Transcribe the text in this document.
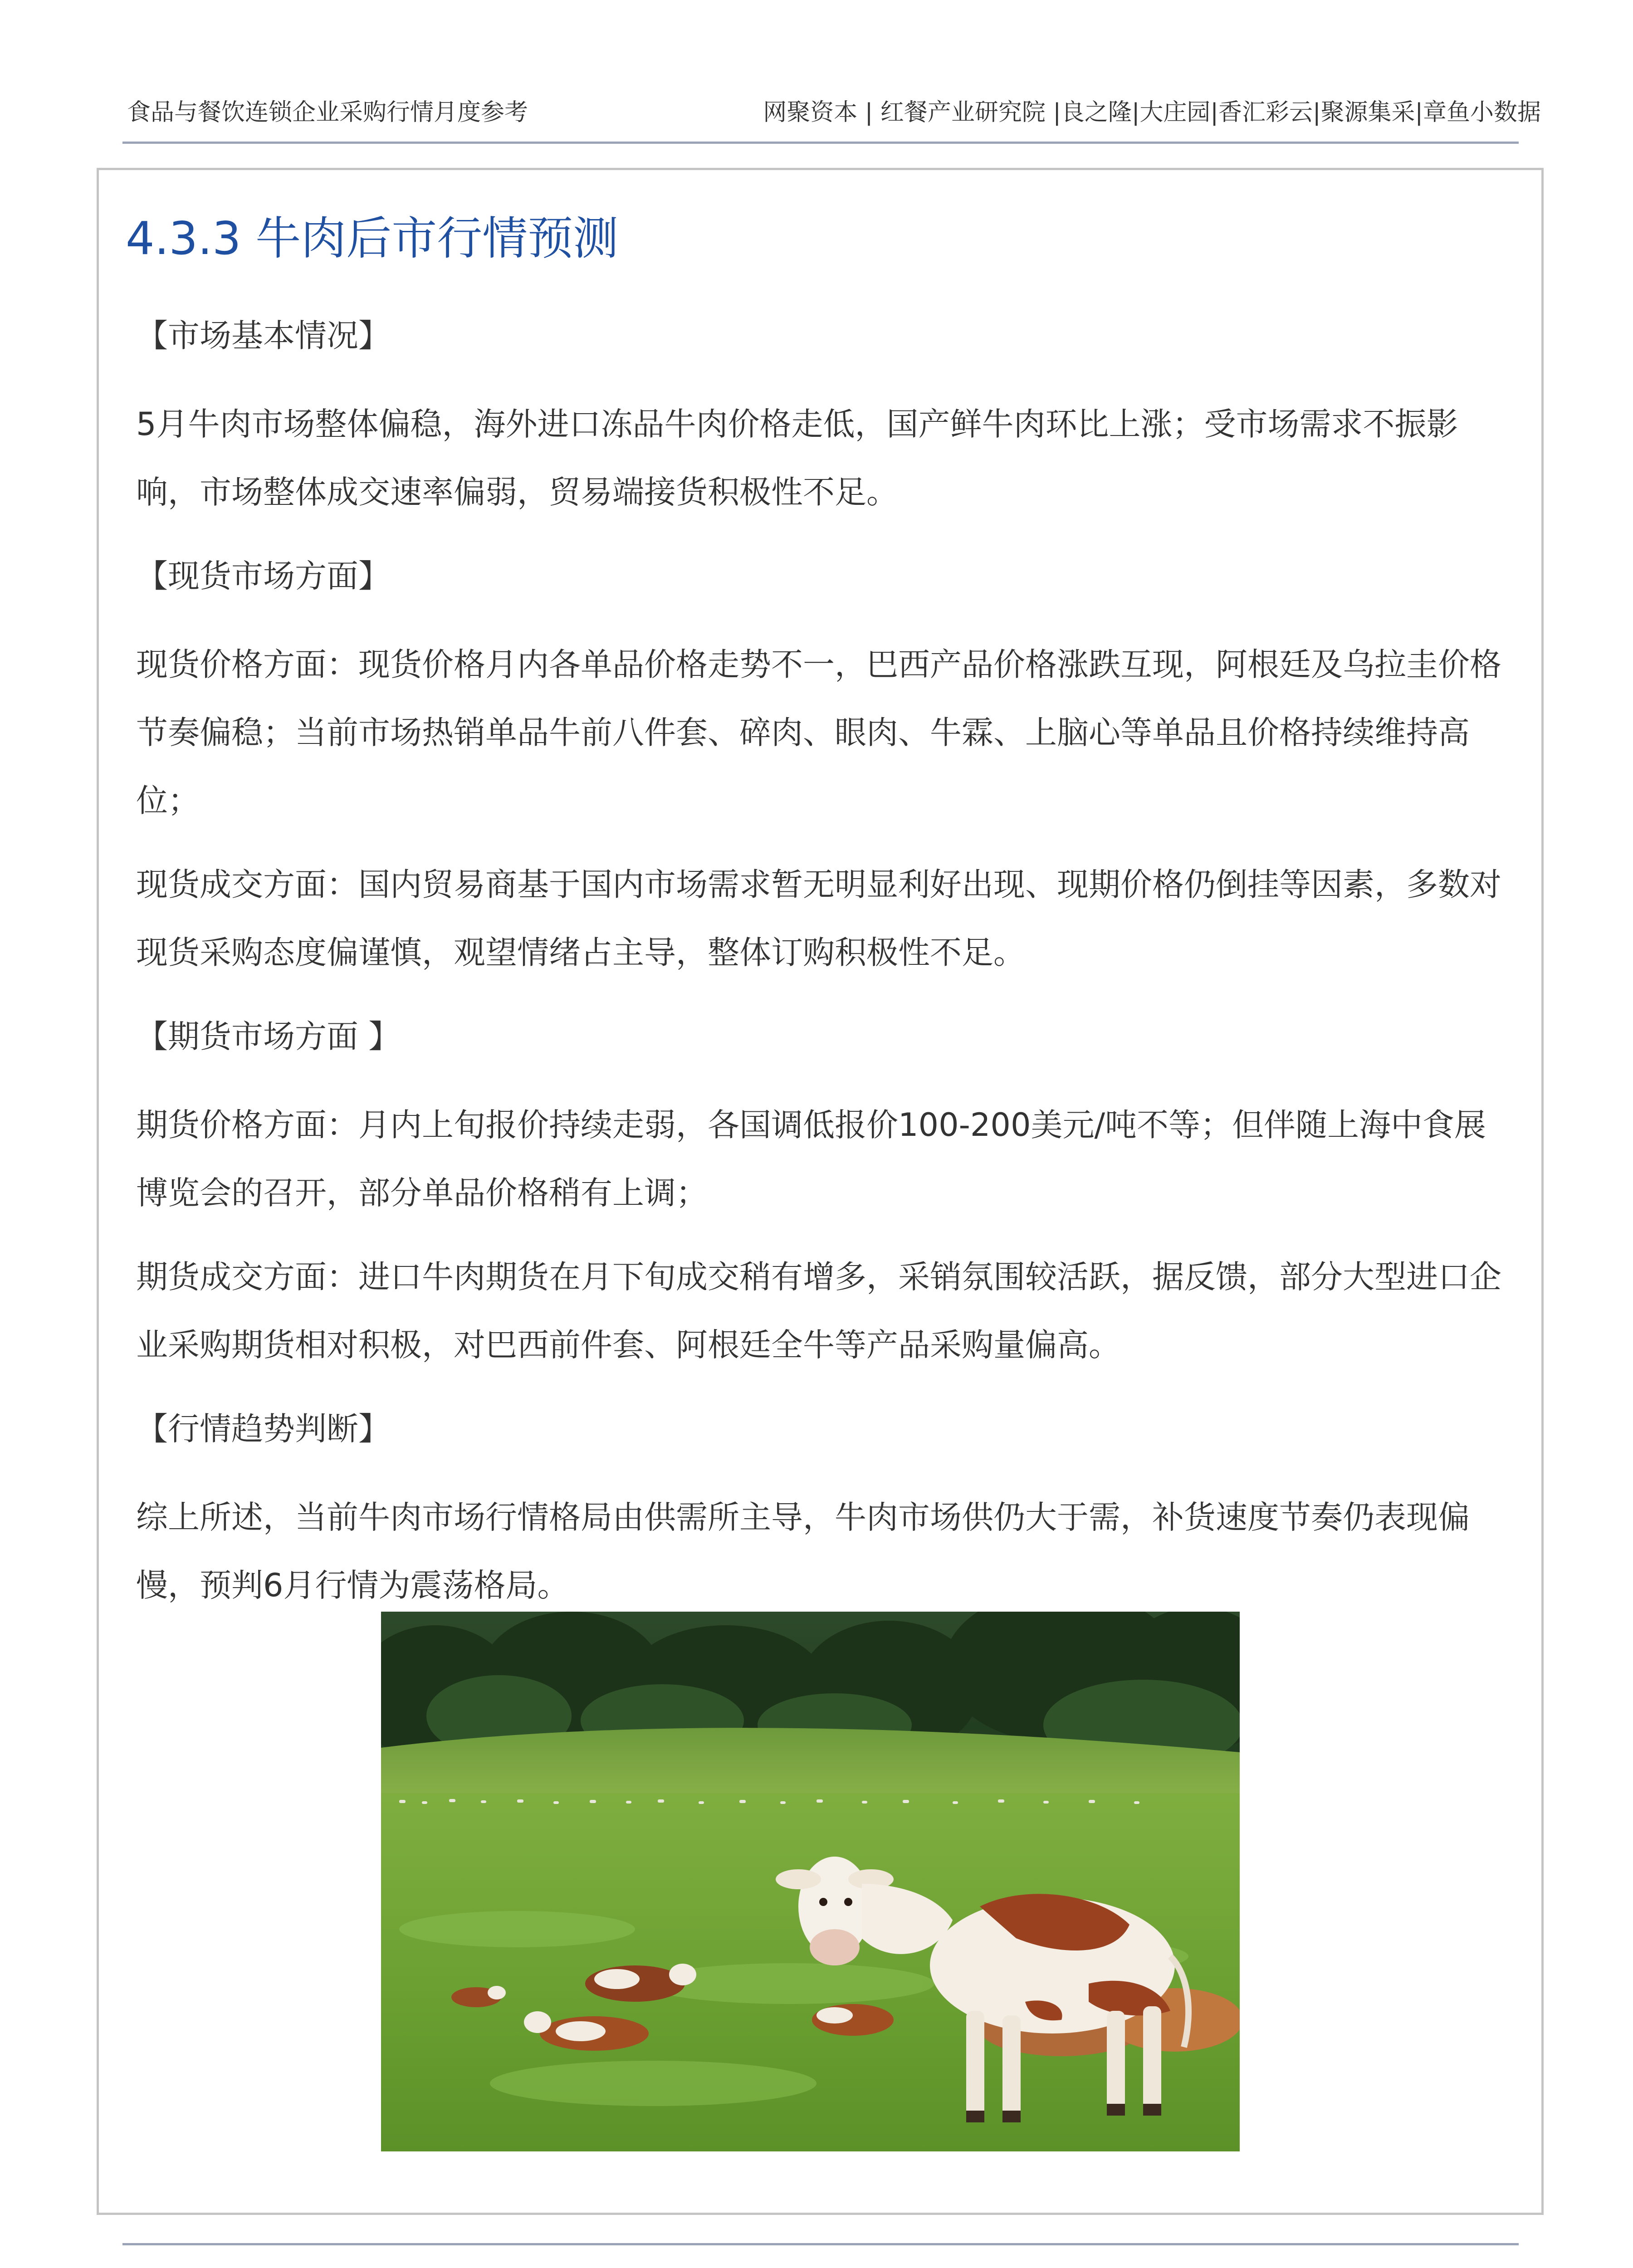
食品与餐饮连锁企业采购行情月度参考	网聚资本 | 红餐产业研究院 |良之隆|大庄园|香汇彩云|聚源集采|章鱼小数据
4.3.3 牛肉后市行情预测
【市场基本情况】

5月牛肉市场整体偏稳，海外进口冻品牛肉价格走低，国产鲜牛肉环比上涨；受市场需求不振影响，市场整体成交速率偏弱，贸易端接货积极性不足。

【现货市场方面】

现货价格方面：现货价格月内各单品价格走势不一，巴西产品价格涨跌互现，阿根廷及乌拉圭价格节奏偏稳；当前市场热销单品牛前八件套、碎肉、眼肉、牛霖、上脑心等单品且价格持续维持高位；

现货成交方面：国内贸易商基于国内市场需求暂无明显利好出现、现期价格仍倒挂等因素，多数对现货采购态度偏谨慎，观望情绪占主导，整体订购积极性不足。

【期货市场方面 】

期货价格方面：月内上旬报价持续走弱，各国调低报价100-200美元/吨不等；但伴随上海中食展博览会的召开，部分单品价格稍有上调；

期货成交方面：进口牛肉期货在月下旬成交稍有增多，采销氛围较活跃，据反馈，部分大型进口企业采购期货相对积极，对巴西前件套、阿根廷全牛等产品采购量偏高。

【行情趋势判断】

综上所述，当前牛肉市场行情格局由供需所主导，牛肉市场供仍大于需，补货速度节奏仍表现偏慢，预判6月行情为震荡格局。
